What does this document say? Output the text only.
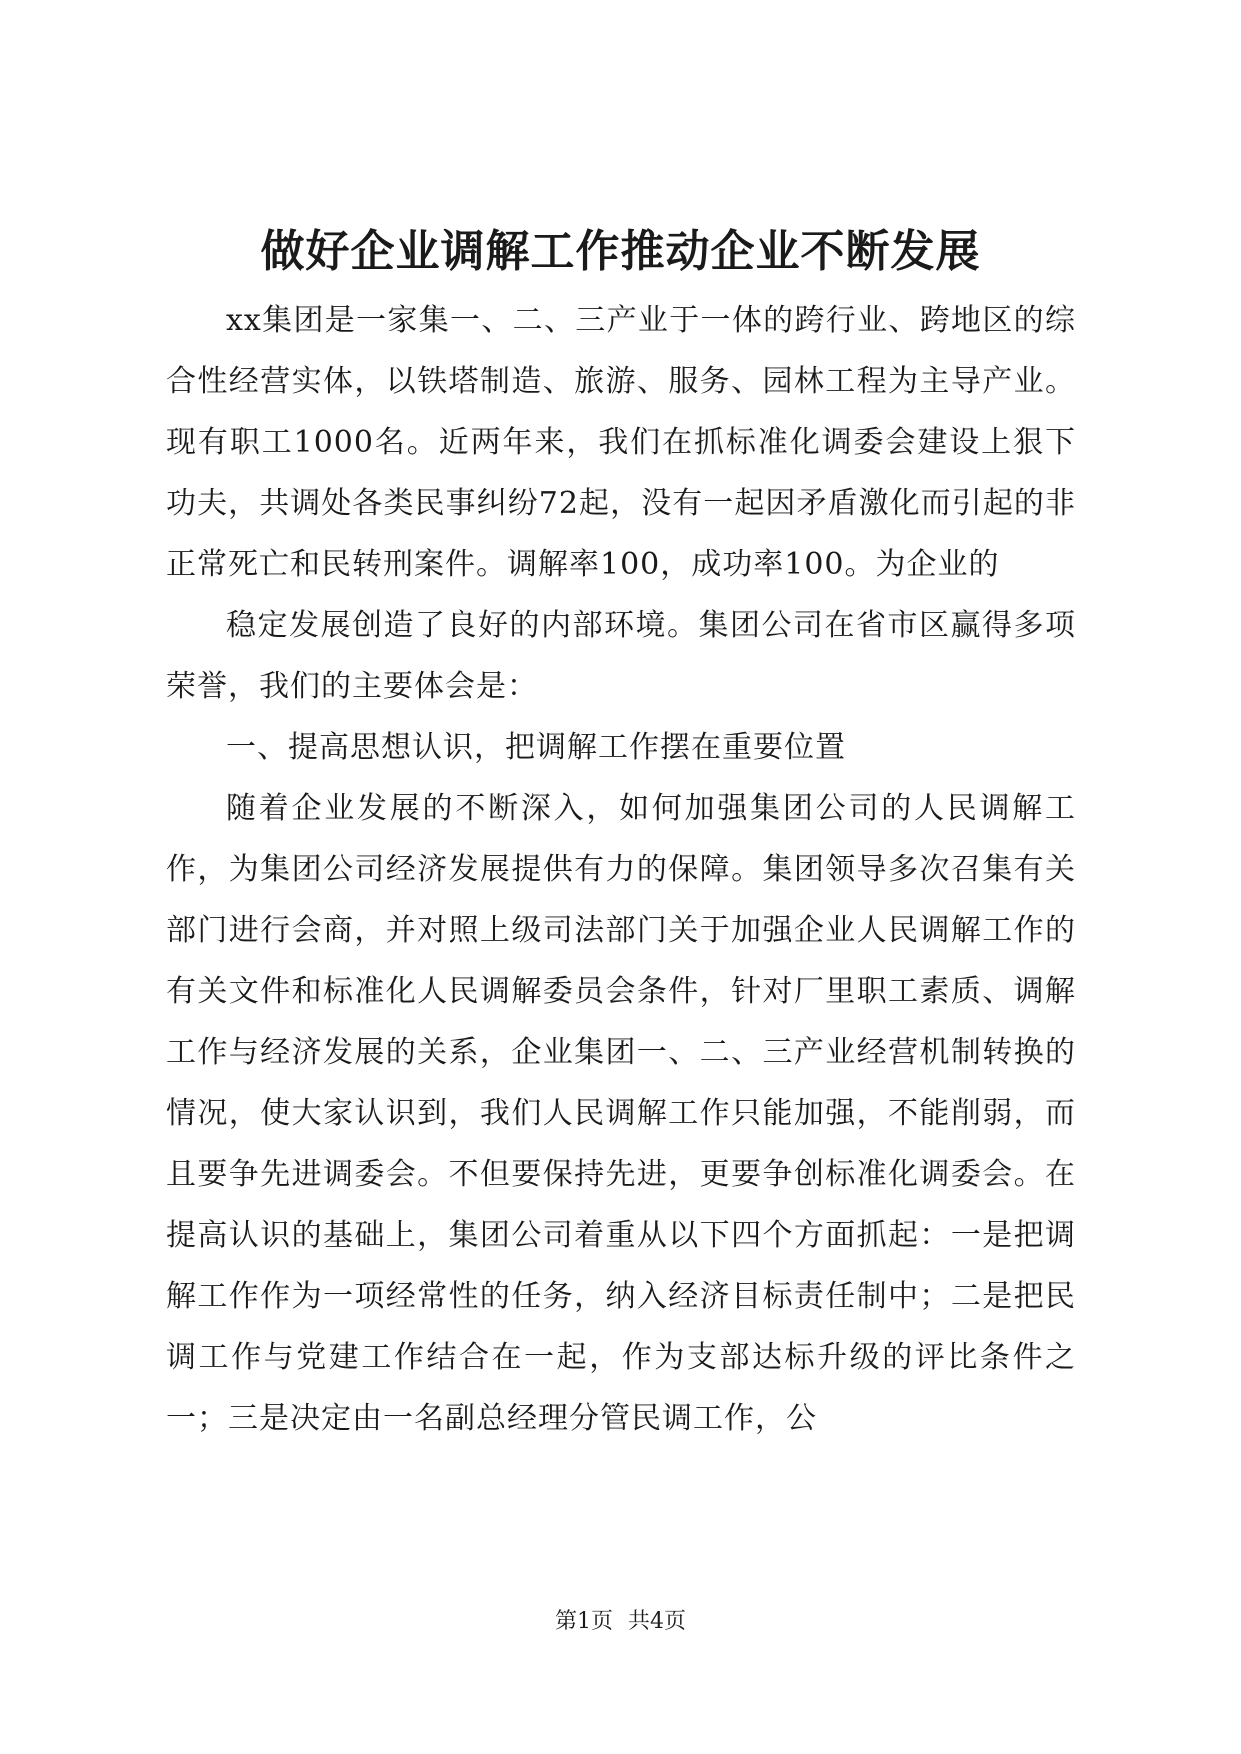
做好企业调解工作推动企业不断发展

xx集团是一家集一、二、三产业于一体的跨行业、跨地区的综合性经营实体，以铁塔制造、旅游、服务、园林工程为主导产业。现有职工1000名。近两年来，我们在抓标准化调委会建设上狠下功夫，共调处各类民事纠纷72起，没有一起因矛盾激化而引起的非正常死亡和民转刑案件。调解率100，成功率100。为企业的

稳定发展创造了良好的内部环境。集团公司在省市区赢得多项荣誉，我们的主要体会是：

一、提高思想认识，把调解工作摆在重要位置

随着企业发展的不断深入，如何加强集团公司的人民调解工作，为集团公司经济发展提供有力的保障。集团领导多次召集有关部门进行会商，并对照上级司法部门关于加强企业人民调解工作的有关文件和标准化人民调解委员会条件，针对厂里职工素质、调解工作与经济发展的关系，企业集团一、二、三产业经营机制转换的情况，使大家认识到，我们人民调解工作只能加强，不能削弱，而且要争先进调委会。不但要保持先进，更要争创标准化调委会。在提高认识的基础上，集团公司着重从以下四个方面抓起：一是把调解工作作为一项经常性的任务，纳入经济目标责任制中；二是把民调工作与党建工作结合在一起，作为支部达标升级的评比条件之一；三是决定由一名副总经理分管民调工作，公

第1页 共4页
